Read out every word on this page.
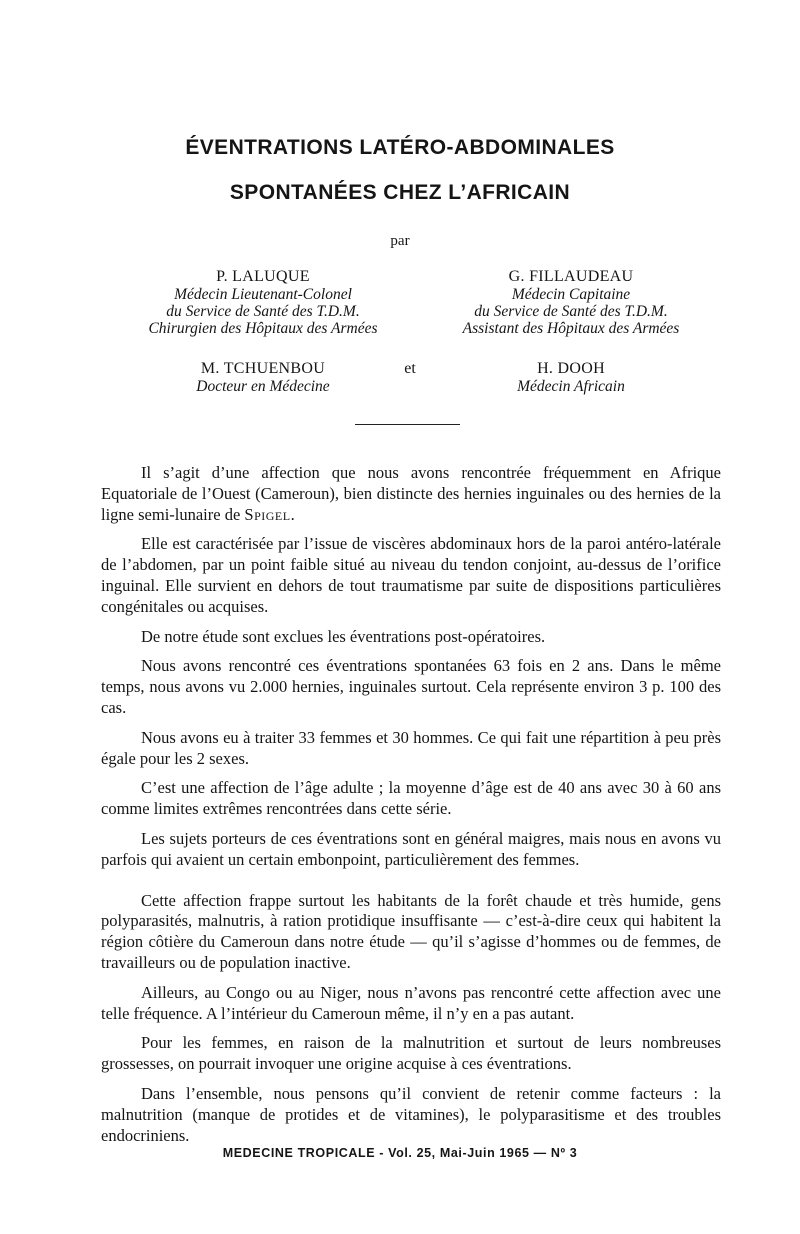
ÉVENTRATIONS LATÉRO-ABDOMINALES
SPONTANÉES CHEZ L’AFRICAIN
par
P. LALUQUE
Médecin Lieutenant-Colonel
du Service de Santé des T.D.M.
Chirurgien des Hôpitaux des Armées
G. FILLAUDEAU
Médecin Capitaine
du Service de Santé des T.D.M.
Assistant des Hôpitaux des Armées
M. TCHUENBOU
Docteur en Médecine
et	H. DOOH
Médecin Africain

Il s’agit d’une affection que nous avons rencontrée fréquemment en Afrique Equatoriale de l’Ouest (Cameroun), bien distincte des hernies inguinales ou des hernies de la ligne semi-lunaire de Spigel.

Elle est caractérisée par l’issue de viscères abdominaux hors de la paroi antéro-latérale de l’abdomen, par un point faible situé au niveau du tendon conjoint, au-dessus de l’orifice inguinal. Elle survient en dehors de tout traumatisme par suite de dispositions particulières congénitales ou acquises.

De notre étude sont exclues les éventrations post-opératoires.

Nous avons rencontré ces éventrations spontanées 63 fois en 2 ans. Dans le même temps, nous avons vu 2.000 hernies, inguinales surtout. Cela représente environ 3 p. 100 des cas.

Nous avons eu à traiter 33 femmes et 30 hommes. Ce qui fait une répartition à peu près égale pour les 2 sexes.

C’est une affection de l’âge adulte ; la moyenne d’âge est de 40 ans avec 30 à 60 ans comme limites extrêmes rencontrées dans cette série.

Les sujets porteurs de ces éventrations sont en général maigres, mais nous en avons vu parfois qui avaient un certain embonpoint, particulièrement des femmes.

Cette affection frappe surtout les habitants de la forêt chaude et très humide, gens polyparasités, malnutris, à ration protidique insuffisante — c’est-à-dire ceux qui habitent la région côtière du Cameroun dans notre étude — qu’il s’agisse d’hommes ou de femmes, de travailleurs ou de population inactive.

Ailleurs, au Congo ou au Niger, nous n’avons pas rencontré cette affection avec une telle fréquence. A l’intérieur du Cameroun même, il n’y en a pas autant.

Pour les femmes, en raison de la malnutrition et surtout de leurs nombreuses grossesses, on pourrait invoquer une origine acquise à ces éventrations.

Dans l’ensemble, nous pensons qu’il convient de retenir comme facteurs : la malnutrition (manque de protides et de vitamines), le polyparasitisme et des troubles endocriniens.

MEDECINE TROPICALE - Vol. 25, Mai-Juin 1965 — Nº 3
